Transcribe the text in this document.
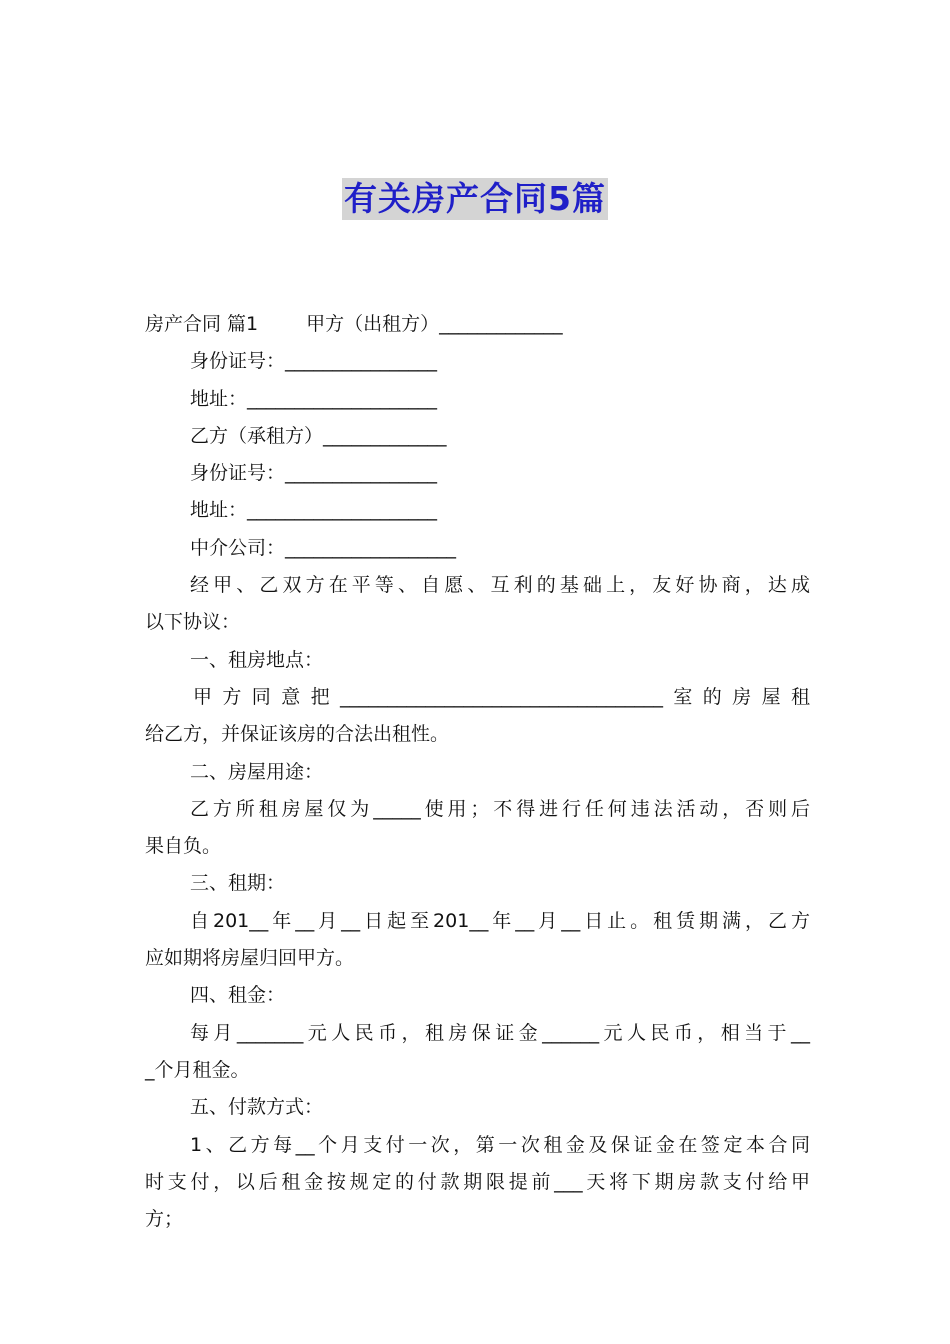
有关房产合同5篇
房产合同 篇1	甲方（出租方）_____________
身份证号：________________
地址：____________________
乙方（承租方）_____________
身份证号：________________
地址：____________________
中介公司：__________________
经甲、乙双方在平等、自愿、互利的基础上，友好协商，达成
以下协议：
一、租房地点：
甲方同意把__________________________________室的房屋租
给乙方，并保证该房的合法出租性。
二、房屋用途：
乙方所租房屋仅为_____使用；不得进行任何违法活动，否则后
果自负。
三、租期：
自201__年__月__日起至201__年__月__日止。租赁期满，乙方
应如期将房屋归回甲方。
四、租金：
每月_______元人民币，租房保证金______元人民币，相当于__
_个月租金。
五、付款方式：
1、乙方每__个月支付一次，第一次租金及保证金在签定本合同
时支付，以后租金按规定的付款期限提前___天将下期房款支付给甲
方；
